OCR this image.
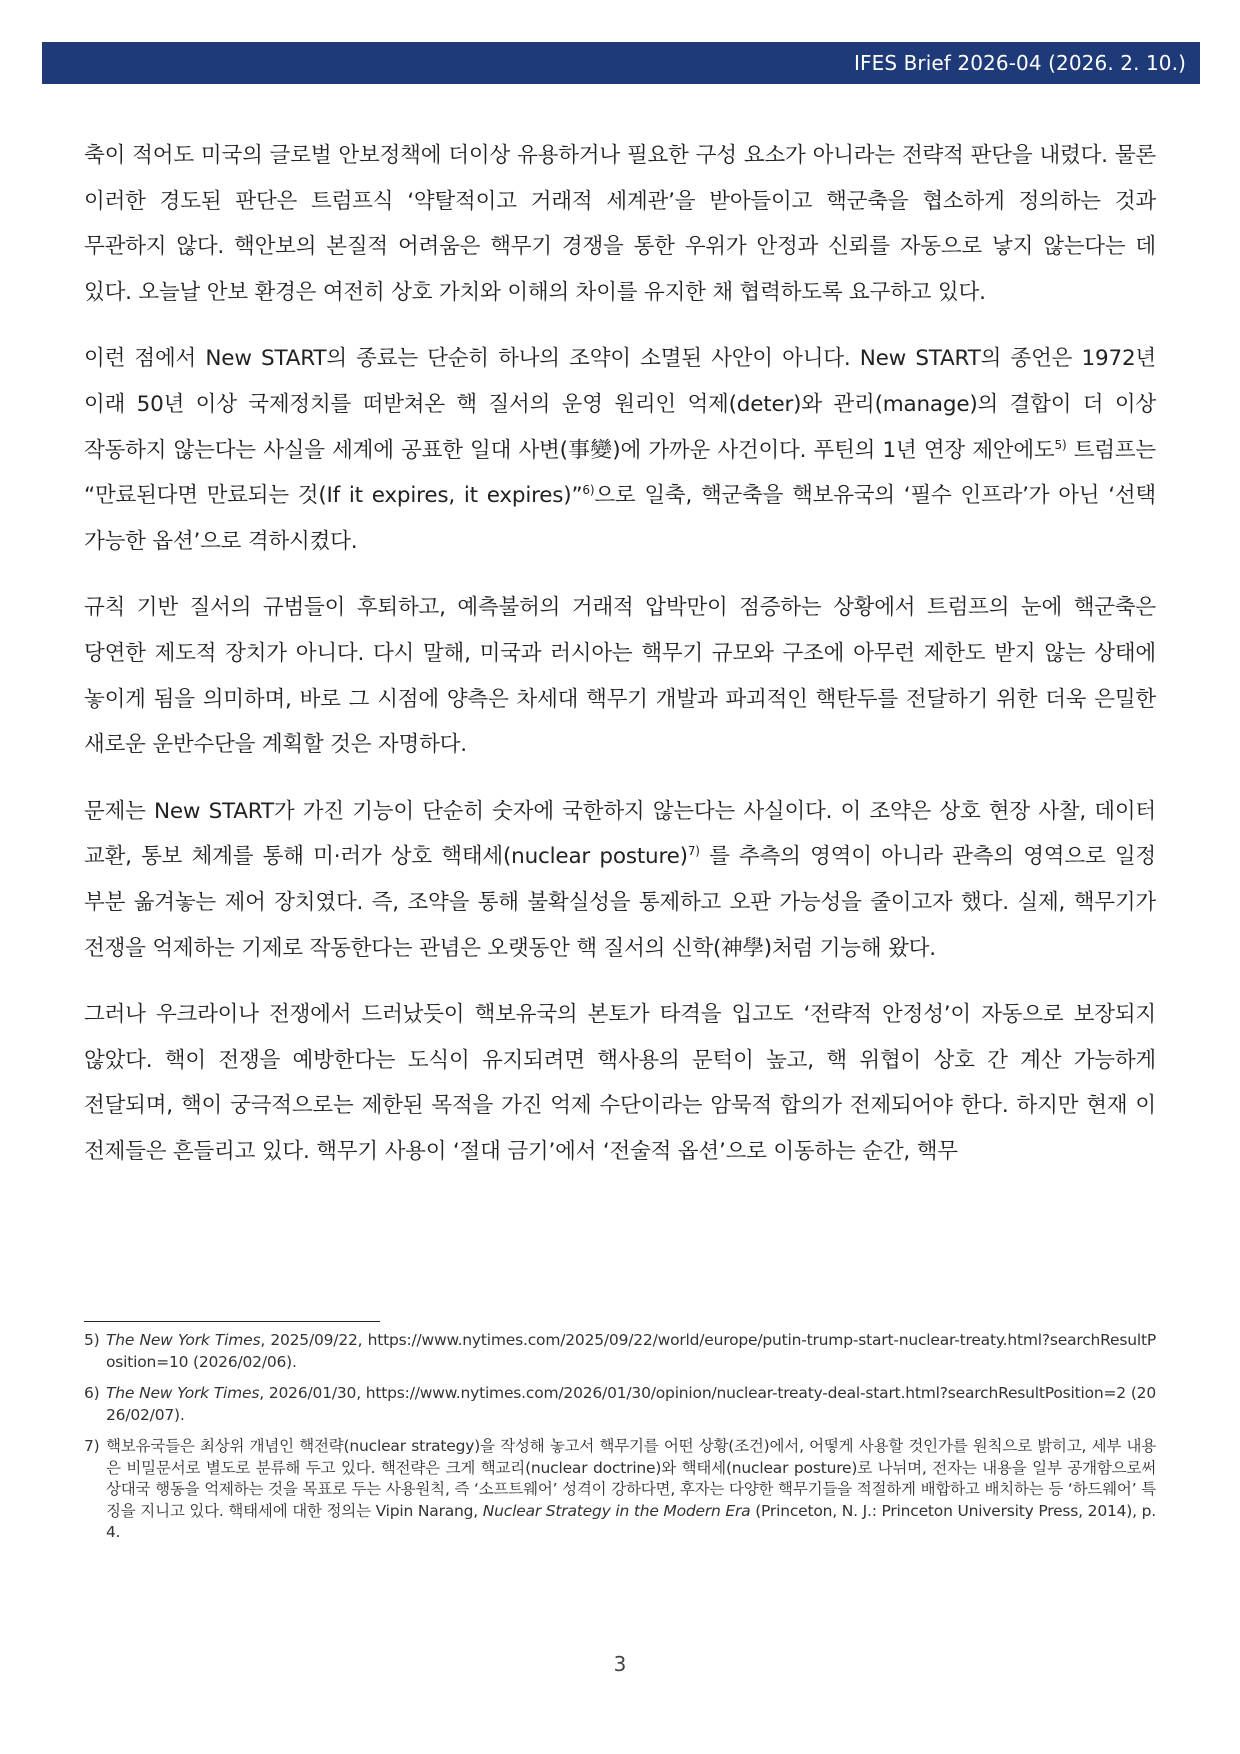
IFES Brief 2026-04 (2026. 2. 10.)

축이 적어도 미국의 글로벌 안보정책에 더이상 유용하거나 필요한 구성 요소가 아니라는 전략적 판단을 내렸다. 물론 이러한 경도된 판단은 트럼프식 ‘약탈적이고 거래적 세계관’을 받아들이고 핵군축을 협소하게 정의하는 것과 무관하지 않다. 핵안보의 본질적 어려움은 핵무기 경쟁을 통한 우위가 안정과 신뢰를 자동으로 낳지 않는다는 데 있다. 오늘날 안보 환경은 여전히 상호 가치와 이해의 차이를 유지한 채 협력하도록 요구하고 있다.

이런 점에서 New START의 종료는 단순히 하나의 조약이 소멸된 사안이 아니다. New START의 종언은 1972년 이래 50년 이상 국제정치를 떠받쳐온 핵 질서의 운영 원리인 억제(deter)와 관리(manage)의 결합이 더 이상 작동하지 않는다는 사실을 세계에 공표한 일대 사변(事變)에 가까운 사건이다. 푸틴의 1년 연장 제안에도$^{5)}$ 트럼프는 “만료된다면 만료되는 것(If it expires, it expires)”$^{6)}$으로 일축, 핵군축을 핵보유국의 ‘필수 인프라’가 아닌 ‘선택 가능한 옵션’으로 격하시켰다.

규칙 기반 질서의 규범들이 후퇴하고, 예측불허의 거래적 압박만이 점증하는 상황에서 트럼프의 눈에 핵군축은 당연한 제도적 장치가 아니다. 다시 말해, 미국과 러시아는 핵무기 규모와 구조에 아무런 제한도 받지 않는 상태에 놓이게 됨을 의미하며, 바로 그 시점에 양측은 차세대 핵무기 개발과 파괴적인 핵탄두를 전달하기 위한 더욱 은밀한 새로운 운반수단을 계획할 것은 자명하다.

문제는 New START가 가진 기능이 단순히 숫자에 국한하지 않는다는 사실이다. 이 조약은 상호 현장 사찰, 데이터 교환, 통보 체계를 통해 미·러가 상호 핵태세(nuclear posture)$^{7)}$ 를 추측의 영역이 아니라 관측의 영역으로 일정 부분 옮겨놓는 제어 장치였다. 즉, 조약을 통해 불확실성을 통제하고 오판 가능성을 줄이고자 했다. 실제, 핵무기가 전쟁을 억제하는 기제로 작동한다는 관념은 오랫동안 핵 질서의 신학(神學)처럼 기능해 왔다.

그러나 우크라이나 전쟁에서 드러났듯이 핵보유국의 본토가 타격을 입고도 ‘전략적 안정성’이 자동으로 보장되지 않았다. 핵이 전쟁을 예방한다는 도식이 유지되려면 핵사용의 문턱이 높고, 핵 위협이 상호 간 계산 가능하게 전달되며, 핵이 궁극적으로는 제한된 목적을 가진 억제 수단이라는 암묵적 합의가 전제되어야 한다. 하지만 현재 이 전제들은 흔들리고 있다. 핵무기 사용이 ‘절대 금기’에서 ‘전술적 옵션’으로 이동하는 순간, 핵무

5) The New York Times, 2025/09/22, https://www.nytimes.com/2025/09/22/world/europe/putin-trump-start-nuclear-treaty.html?searchResultPosition=10 (2026/02/06).
6) The New York Times, 2026/01/30, https://www.nytimes.com/2026/01/30/opinion/nuclear-treaty-deal-start.html?searchResultPosition=2 (2026/02/07).
7) 핵보유국들은 최상위 개념인 핵전략(nuclear strategy)을 작성해 놓고서 핵무기를 어떤 상황(조건)에서, 어떻게 사용할 것인가를 원칙으로 밝히고, 세부 내용은 비밀문서로 별도로 분류해 두고 있다. 핵전략은 크게 핵교리(nuclear doctrine)와 핵태세(nuclear posture)로 나뉘며, 전자는 내용을 일부 공개함으로써 상대국 행동을 억제하는 것을 목표로 두는 사용원칙, 즉 ‘소프트웨어’ 성격이 강하다면, 후자는 다양한 핵무기들을 적절하게 배합하고 배치하는 등 ‘하드웨어’ 특징을 지니고 있다. 핵태세에 대한 정의는 Vipin Narang, Nuclear Strategy in the Modern Era (Princeton, N. J.: Princeton University Press, 2014), p. 4.
3
